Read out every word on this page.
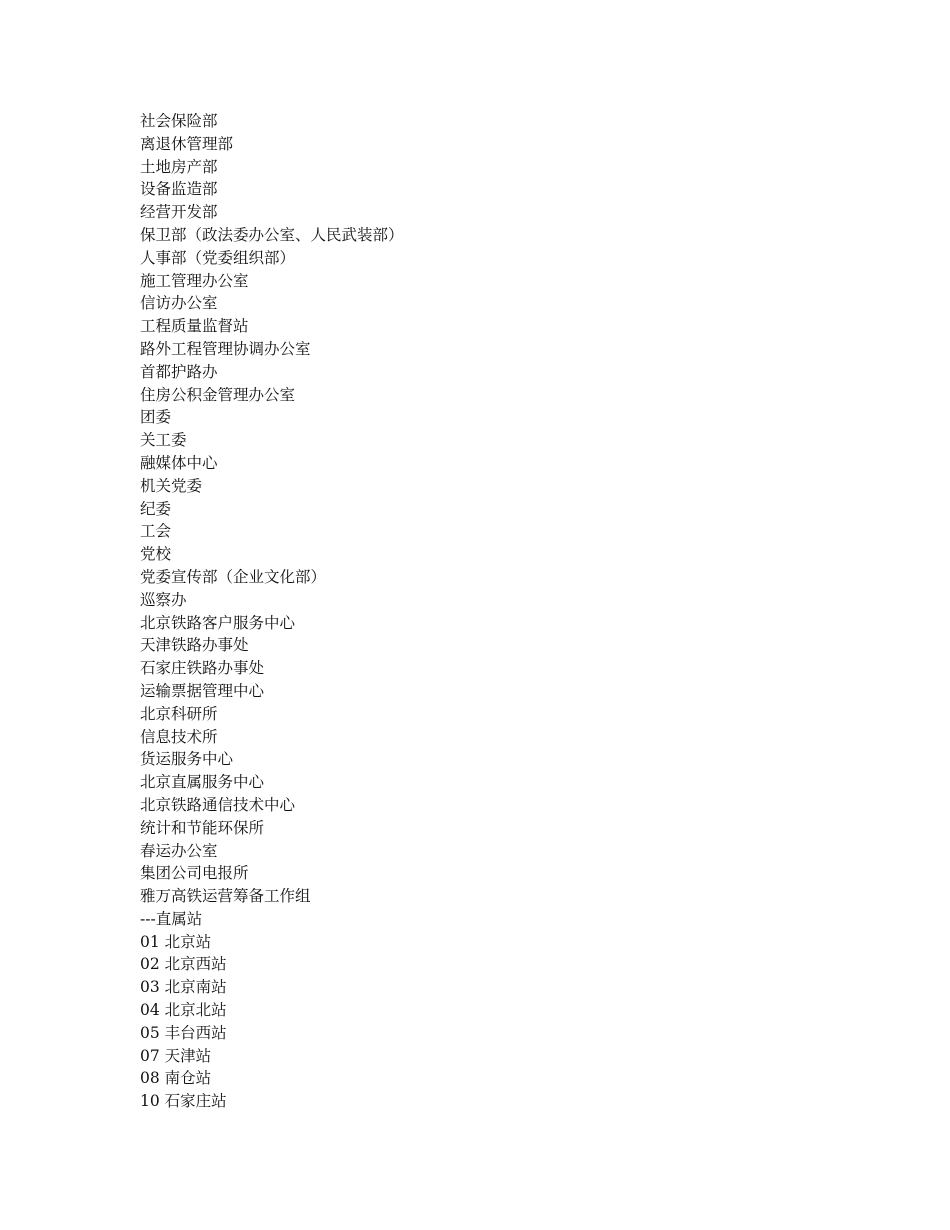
社会保险部
离退休管理部
土地房产部
设备监造部
经营开发部
保卫部（政法委办公室、人民武装部）
人事部（党委组织部）
施工管理办公室
信访办公室
工程质量监督站
路外工程管理协调办公室
首都护路办
住房公积金管理办公室
团委
关工委
融媒体中心
机关党委
纪委
工会
党校
党委宣传部（企业文化部）
巡察办
北京铁路客户服务中心
天津铁路办事处
石家庄铁路办事处
运输票据管理中心
北京科研所
信息技术所
货运服务中心
北京直属服务中心
北京铁路通信技术中心
统计和节能环保所
春运办公室
集团公司电报所
雅万高铁运营筹备工作组
---直属站
01 北京站
02 北京西站
03 北京南站
04 北京北站
05 丰台西站
07 天津站
08 南仓站
10 石家庄站
